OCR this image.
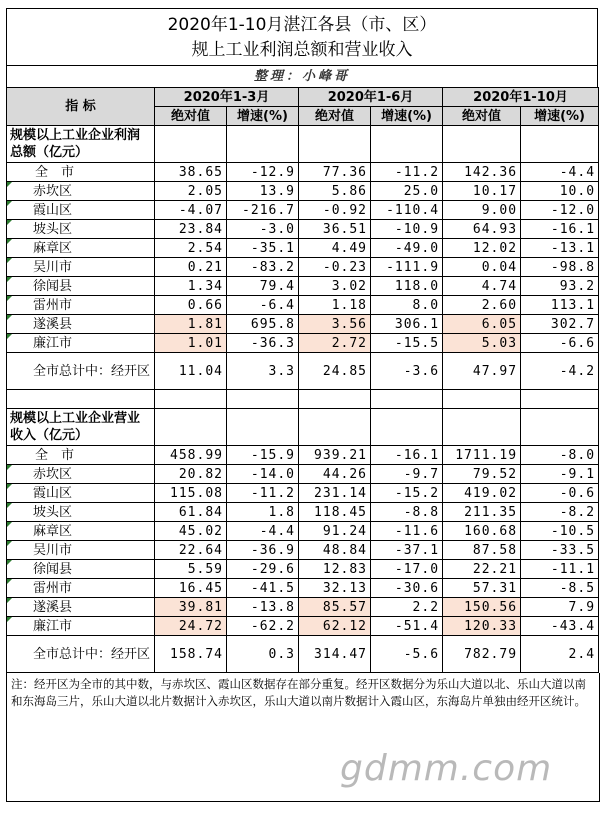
2020年1-10月湛江各县（市、区）
规上工业利润总额和营业收入
整理：小峰哥
指 标	2020年1-3月		2020年1-6月		2020年1-10月	
	绝对值	增速(%)	绝对值	增速(%)	绝对值	增速(%)
规模以上工业企业利润总额（亿元）						
全　市	38.65	-12.9	77.36	-11.2	142.36	-4.4
赤坎区	2.05	13.9	5.86	25.0	10.17	10.0
霞山区	-4.07	-216.7	-0.92	-110.4	9.00	-12.0
坡头区	23.84	-3.0	36.51	-10.9	64.93	-16.1
麻章区	2.54	-35.1	4.49	-49.0	12.02	-13.1
吴川市	0.21	-83.2	-0.23	-111.9	0.04	-98.8
徐闻县	1.34	79.4	3.02	118.0	4.74	93.2
雷州市	0.66	-6.4	1.18	8.0	2.60	113.1
遂溪县	1.81	695.8	3.56	306.1	6.05	302.7
廉江市	1.01	-36.3	2.72	-15.5	5.03	-6.6
全市总计中：经开区	11.04	3.3	24.85	-3.6	47.97	-4.2

规模以上工业企业营业收入（亿元）						
全　市	458.99	-15.9	939.21	-16.1	1711.19	-8.0
赤坎区	20.82	-14.0	44.26	-9.7	79.52	-9.1
霞山区	115.08	-11.2	231.14	-15.2	419.02	-0.6
坡头区	61.84	1.8	118.45	-8.8	211.35	-8.2
麻章区	45.02	-4.4	91.24	-11.6	160.68	-10.5
吴川市	22.64	-36.9	48.84	-37.1	87.58	-33.5
徐闻县	5.59	-29.6	12.83	-17.0	22.21	-11.1
雷州市	16.45	-41.5	32.13	-30.6	57.31	-8.5
遂溪县	39.81	-13.8	85.57	2.2	150.56	7.9
廉江市	24.72	-62.2	62.12	-51.4	120.33	-43.4
全市总计中：经开区	158.74	0.3	314.47	-5.6	782.79	2.4
注：经开区为全市的其中数，与赤坎区、霞山区数据存在部分重复。经开区数据分为乐山大道以北、乐山大道以南和东海岛三片，乐山大道以北片数据计入赤坎区，乐山大道以南片数据计入霞山区，东海岛片单独由经开区统计。
gdmm.com
